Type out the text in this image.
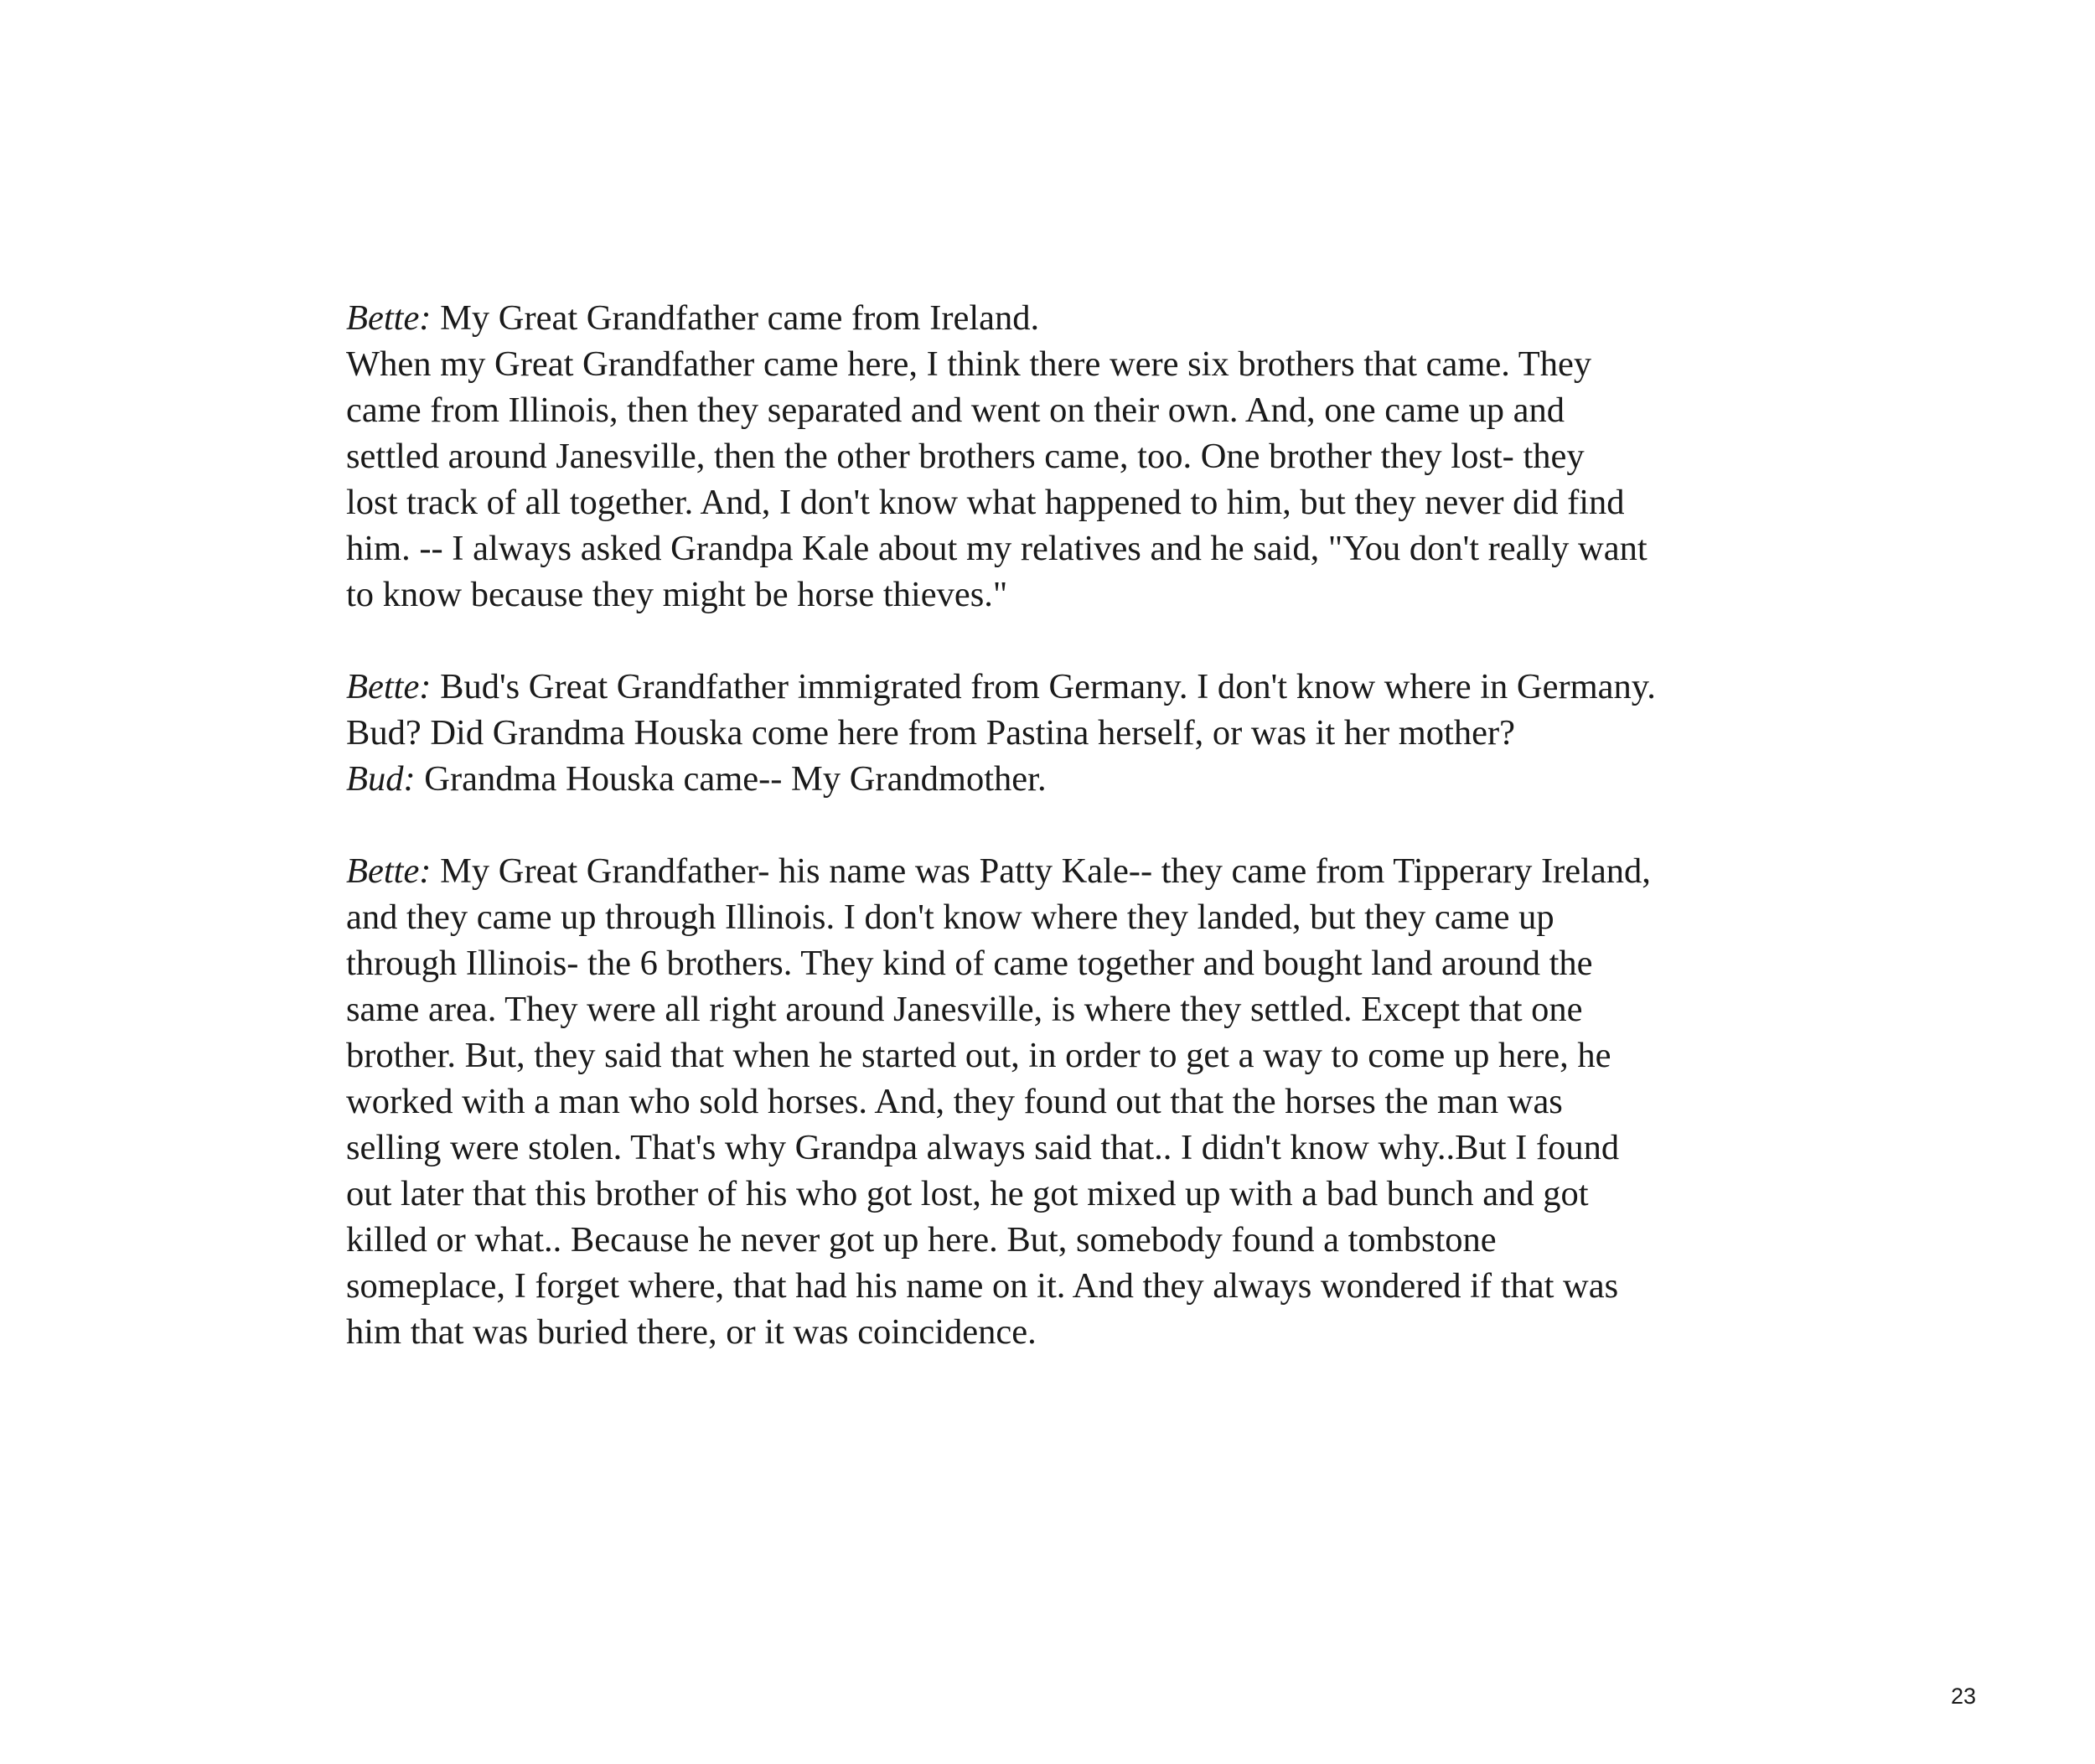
Bette: My Great Grandfather came from Ireland.
When my Great Grandfather came here, I think there were six brothers that came. They
came from Illinois, then they separated and went on their own. And, one came up and
settled around Janesville, then the other brothers came, too. One brother they lost- they
lost track of all together. And, I don't know what happened to him, but they never did find
him. -- I always asked Grandpa Kale about my relatives and he said, "You don't really want
to know because they might be horse thieves."

Bette: Bud's Great Grandfather immigrated from Germany. I don't know where in Germany.
Bud? Did Grandma Houska come here from Pastina herself, or was it her mother?
Bud: Grandma Houska came-- My Grandmother.

Bette: My Great Grandfather- his name was Patty Kale-- they came from Tipperary Ireland,
and they came up through Illinois. I don't know where they landed, but they came up
through Illinois- the 6 brothers. They kind of came together and bought land around the
same area. They were all right around Janesville, is where they settled. Except that one
brother. But, they said that when he started out, in order to get a way to come up here, he
worked with a man who sold horses. And, they found out that the horses the man was
selling were stolen. That's why Grandpa always said that.. I didn't know why..But I found
out later that this brother of his who got lost, he got mixed up with a bad bunch and got
killed or what.. Because he never got up here. But, somebody found a tombstone
someplace, I forget where, that had his name on it. And they always wondered if that was
him that was buried there, or it was coincidence.

23
